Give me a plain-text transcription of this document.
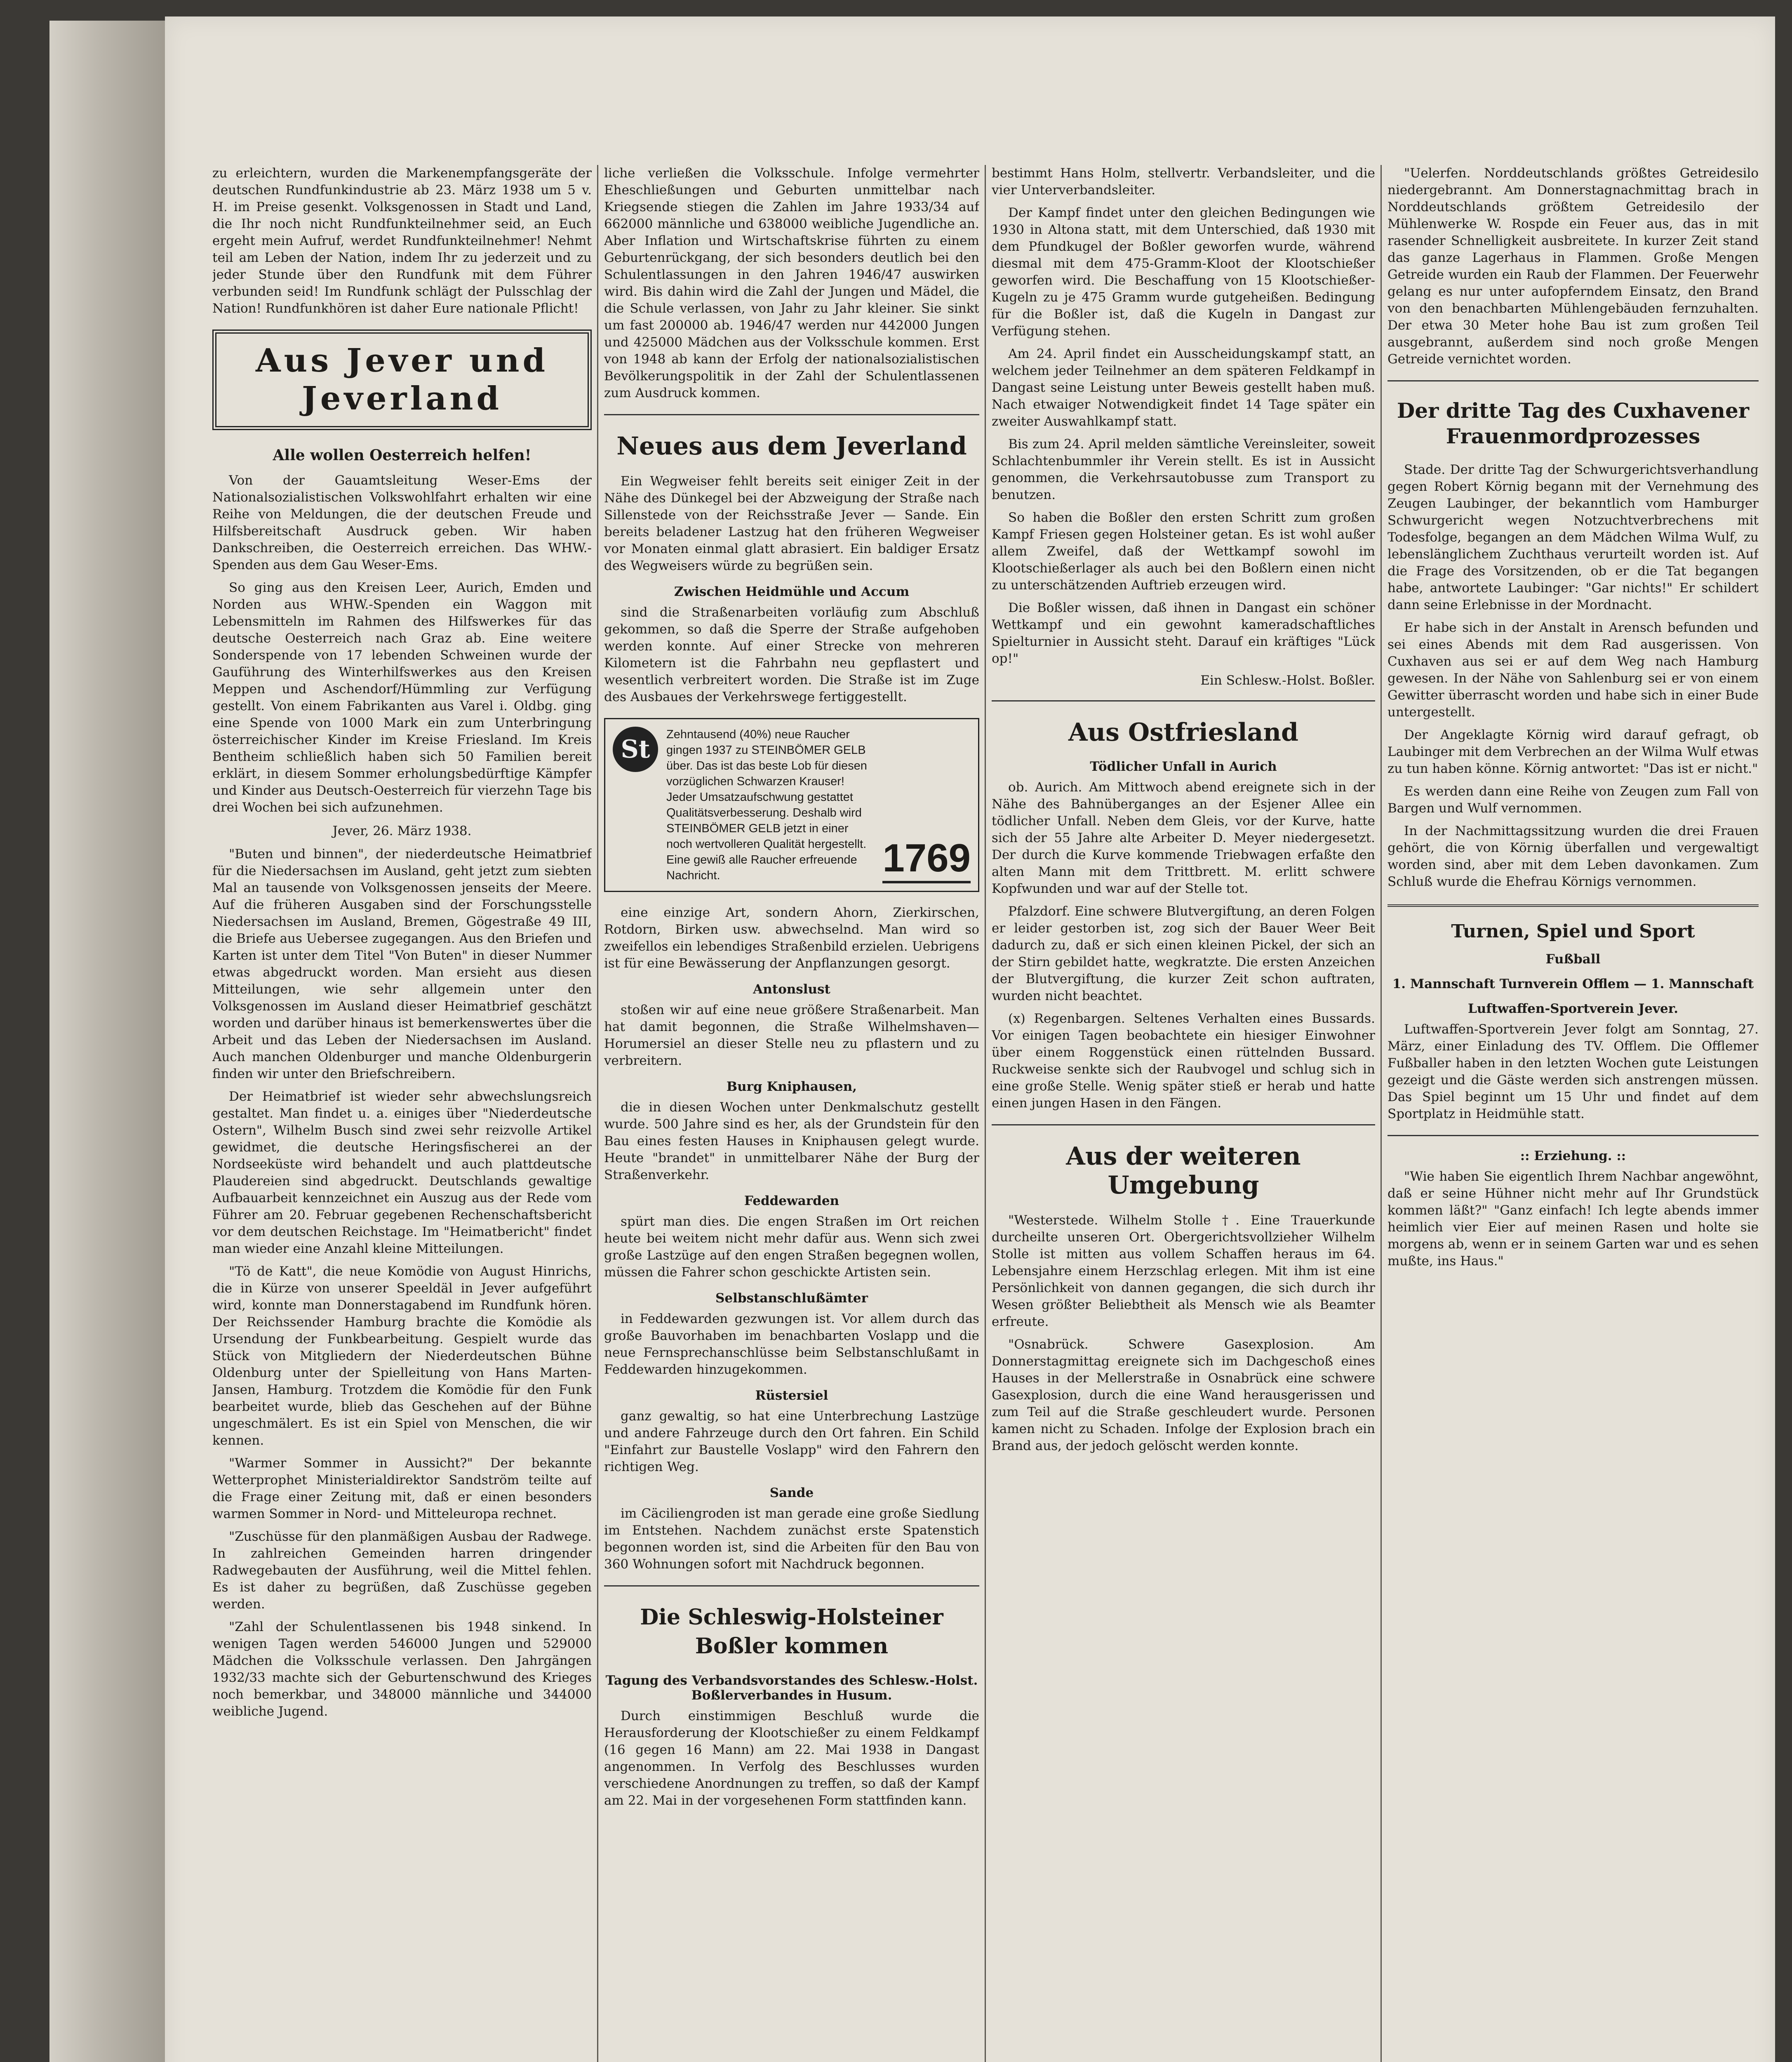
zu erleichtern, wurden die Markenempfangsgeräte der deutschen Rundfunkindustrie ab 23. März 1938 um 5 v. H. im Preise gesenkt. Volksgenossen in Stadt und Land, die Ihr noch nicht Rundfunkteilnehmer seid, an Euch ergeht mein Aufruf, werdet Rundfunkteilnehmer! Nehmt teil am Leben der Nation, indem Ihr zu jederzeit und zu jeder Stunde über den Rundfunk mit dem Führer verbunden seid! Im Rundfunk schlägt der Pulsschlag der Nation! Rundfunkhören ist daher Eure nationale Pflicht!

Aus Jever und Jeverland
Alle wollen Oesterreich helfen!

Von der Gauamtsleitung Weser-Ems der Nationalsozialistischen Volkswohlfahrt erhalten wir eine Reihe von Meldungen, die der deutschen Freude und Hilfsbereitschaft Ausdruck geben. Wir haben Dankschreiben, die Oesterreich erreichen. Das WHW.-Spenden aus dem Gau Weser-Ems.

So ging aus den Kreisen Leer, Aurich, Emden und Norden aus WHW.-Spenden ein Waggon mit Lebensmitteln im Rahmen des Hilfswerkes für das deutsche Oesterreich nach Graz ab. Eine weitere Sonderspende von 17 lebenden Schweinen wurde der Gauführung des Winterhilfswerkes aus den Kreisen Meppen und Aschendorf/Hümmling zur Verfügung gestellt. Von einem Fabrikanten aus Varel i. Oldbg. ging eine Spende von 1000 Mark ein zum Unterbringung österreichischer Kinder im Kreise Friesland. Im Kreis Bentheim schließlich haben sich 50 Familien bereit erklärt, in diesem Sommer erholungsbedürftige Kämpfer und Kinder aus Deutsch-Oesterreich für vierzehn Tage bis drei Wochen bei sich aufzunehmen.

Jever, 26. März 1938.

"Buten und binnen", der niederdeutsche Heimatbrief für die Niedersachsen im Ausland, geht jetzt zum siebten Mal an tausende von Volksgenossen jenseits der Meere. Auf die früheren Ausgaben sind der Forschungsstelle Niedersachsen im Ausland, Bremen, Gögestraße 49 III, die Briefe aus Uebersee zugegangen. Aus den Briefen und Karten ist unter dem Titel "Von Buten" in dieser Nummer etwas abgedruckt worden. Man ersieht aus diesen Mitteilungen, wie sehr allgemein unter den Volksgenossen im Ausland dieser Heimatbrief geschätzt worden und darüber hinaus ist bemerkenswertes über die Arbeit und das Leben der Niedersachsen im Ausland. Auch manchen Oldenburger und manche Oldenburgerin finden wir unter den Briefschreibern.

Der Heimatbrief ist wieder sehr abwechslungsreich gestaltet. Man findet u. a. einiges über "Niederdeutsche Ostern", Wilhelm Busch sind zwei sehr reizvolle Artikel gewidmet, die deutsche Heringsfischerei an der Nordseeküste wird behandelt und auch plattdeutsche Plaudereien sind abgedruckt. Deutschlands gewaltige Aufbauarbeit kennzeichnet ein Auszug aus der Rede vom Führer am 20. Februar gegebenen Rechenschaftsbericht vor dem deutschen Reichstage. Im "Heimatbericht" findet man wieder eine Anzahl kleine Mitteilungen.

"Tö de Katt", die neue Komödie von August Hinrichs, die in Kürze von unserer Speeldäl in Jever aufgeführt wird, konnte man Donnerstagabend im Rundfunk hören. Der Reichssender Hamburg brachte die Komödie als Ursendung der Funkbearbeitung. Gespielt wurde das Stück von Mitgliedern der Niederdeutschen Bühne Oldenburg unter der Spielleitung von Hans Marten-Jansen, Hamburg. Trotzdem die Komödie für den Funk bearbeitet wurde, blieb das Geschehen auf der Bühne ungeschmälert. Es ist ein Spiel von Menschen, die wir kennen.

"Warmer Sommer in Aussicht?" Der bekannte Wetterprophet Ministerialdirektor Sandström teilte auf die Frage einer Zeitung mit, daß er einen besonders warmen Sommer in Nord- und Mitteleuropa rechnet.

"Zuschüsse für den planmäßigen Ausbau der Radwege. In zahlreichen Gemeinden harren dringender Radwegebauten der Ausführung, weil die Mittel fehlen. Es ist daher zu begrüßen, daß Zuschüsse gegeben werden.

"Zahl der Schulentlassenen bis 1948 sinkend. In wenigen Tagen werden 546000 Jungen und 529000 Mädchen die Volksschule verlassen. Den Jahrgängen 1932/33 machte sich der Geburtenschwund des Krieges noch bemerkbar, und 348000 männliche und 344000 weibliche Jugend.

liche verließen die Volksschule. Infolge vermehrter Eheschließungen und Geburten unmittelbar nach Kriegsende stiegen die Zahlen im Jahre 1933/34 auf 662000 männliche und 638000 weibliche Jugendliche an. Aber Inflation und Wirtschaftskrise führten zu einem Geburtenrückgang, der sich besonders deutlich bei den Schulentlassungen in den Jahren 1946/47 auswirken wird. Bis dahin wird die Zahl der Jungen und Mädel, die die Schule verlassen, von Jahr zu Jahr kleiner. Sie sinkt um fast 200000 ab. 1946/47 werden nur 442000 Jungen und 425000 Mädchen aus der Volksschule kommen. Erst von 1948 ab kann der Erfolg der nationalsozialistischen Bevölkerungspolitik in der Zahl der Schulentlassenen zum Ausdruck kommen.

Neues aus dem Jeverland

Ein Wegweiser fehlt bereits seit einiger Zeit in der Nähe des Dünkegel bei der Abzweigung der Straße nach Sillenstede von der Reichsstraße Jever — Sande. Ein bereits beladener Lastzug hat den früheren Wegweiser vor Monaten einmal glatt abrasiert. Ein baldiger Ersatz des Wegweisers würde zu begrüßen sein.

Zwischen Heidmühle und Accum

sind die Straßenarbeiten vorläufig zum Abschluß gekommen, so daß die Sperre der Straße aufgehoben werden konnte. Auf einer Strecke von mehreren Kilometern ist die Fahrbahn neu gepflastert und wesentlich verbreitert worden. Die Straße ist im Zuge des Ausbaues der Verkehrswege fertiggestellt.

St
Zehntausend (40%) neue Raucher gingen 1937 zu STEINBÖMER GELB über. Das ist das beste Lob für diesen vorzüglichen Schwarzen Krauser! Jeder Umsatzaufschwung gestattet Qualitätsverbesserung. Deshalb wird STEINBÖMER GELB jetzt in einer noch wertvolleren Qualität hergestellt. Eine gewiß alle Raucher erfreuende Nachricht.	1769

eine einzige Art, sondern Ahorn, Zierkirschen, Rotdorn, Birken usw. abwechselnd. Man wird so zweifellos ein lebendiges Straßenbild erzielen. Uebrigens ist für eine Bewässerung der Anpflanzungen gesorgt.

Antonslust

stoßen wir auf eine neue größere Straßenarbeit. Man hat damit begonnen, die Straße Wilhelmshaven—Horumersiel an dieser Stelle neu zu pflastern und zu verbreitern.

Burg Kniphausen,

die in diesen Wochen unter Denkmalschutz gestellt wurde. 500 Jahre sind es her, als der Grundstein für den Bau eines festen Hauses in Kniphausen gelegt wurde. Heute "brandet" in unmittelbarer Nähe der Burg der Straßenverkehr.

Feddewarden

spürt man dies. Die engen Straßen im Ort reichen heute bei weitem nicht mehr dafür aus. Wenn sich zwei große Lastzüge auf den engen Straßen begegnen wollen, müssen die Fahrer schon geschickte Artisten sein.

Selbstanschlußämter

in Feddewarden gezwungen ist. Vor allem durch das große Bauvorhaben im benachbarten Voslapp und die neue Fernsprechanschlüsse beim Selbstanschlußamt in Feddewarden hinzugekommen.

Rüstersiel

ganz gewaltig, so hat eine Unterbrechung Lastzüge und andere Fahrzeuge durch den Ort fahren. Ein Schild "Einfahrt zur Baustelle Voslapp" wird den Fahrern den richtigen Weg.

Sande

im Cäciliengroden ist man gerade eine große Siedlung im Entstehen. Nachdem zunächst erste Spatenstich begonnen worden ist, sind die Arbeiten für den Bau von 360 Wohnungen sofort mit Nachdruck begonnen.

Die Schleswig-Holsteiner Boßler kommen
Tagung des Verbandsvorstandes des Schlesw.-Holst. Boßlerverbandes in Husum.

Durch einstimmigen Beschluß wurde die Herausforderung der Klootschießer zu einem Feldkampf (16 gegen 16 Mann) am 22. Mai 1938 in Dangast angenommen. In Verfolg des Beschlusses wurden verschiedene Anordnungen zu treffen, so daß der Kampf am 22. Mai in der vorgesehenen Form stattfinden kann.

bestimmt Hans Holm, stellvertr. Verbandsleiter, und die vier Unterverbandsleiter.

Der Kampf findet unter den gleichen Bedingungen wie 1930 in Altona statt, mit dem Unterschied, daß 1930 mit dem Pfundkugel der Boßler geworfen wurde, während diesmal mit dem 475-Gramm-Kloot der Klootschießer geworfen wird. Die Beschaffung von 15 Klootschießer-Kugeln zu je 475 Gramm wurde gutgeheißen. Bedingung für die Boßler ist, daß die Kugeln in Dangast zur Verfügung stehen.

Am 24. April findet ein Ausscheidungskampf statt, an welchem jeder Teilnehmer an dem späteren Feldkampf in Dangast seine Leistung unter Beweis gestellt haben muß. Nach etwaiger Notwendigkeit findet 14 Tage später ein zweiter Auswahlkampf statt.

Bis zum 24. April melden sämtliche Vereinsleiter, soweit Schlachtenbummler ihr Verein stellt. Es ist in Aussicht genommen, die Verkehrsautobusse zum Transport zu benutzen.

So haben die Boßler den ersten Schritt zum großen Kampf Friesen gegen Holsteiner getan. Es ist wohl außer allem Zweifel, daß der Wettkampf sowohl im Klootschießerlager als auch bei den Boßlern einen nicht zu unterschätzenden Auftrieb erzeugen wird.

Die Boßler wissen, daß ihnen in Dangast ein schöner Wettkampf und ein gewohnt kameradschaftliches Spielturnier in Aussicht steht. Darauf ein kräftiges "Lück op!"

Ein Schlesw.-Holst. Boßler.
Aus Ostfriesland
Tödlicher Unfall in Aurich

ob. Aurich. Am Mittwoch abend ereignete sich in der Nähe des Bahnüberganges an der Esjener Allee ein tödlicher Unfall. Neben dem Gleis, vor der Kurve, hatte sich der 55 Jahre alte Arbeiter D. Meyer niedergesetzt. Der durch die Kurve kommende Triebwagen erfaßte den alten Mann mit dem Trittbrett. M. erlitt schwere Kopfwunden und war auf der Stelle tot.

Pfalzdorf. Eine schwere Blutvergiftung, an deren Folgen er leider gestorben ist, zog sich der Bauer Weer Beit dadurch zu, daß er sich einen kleinen Pickel, der sich an der Stirn gebildet hatte, wegkratzte. Die ersten Anzeichen der Blutvergiftung, die kurzer Zeit schon auftraten, wurden nicht beachtet.

(x) Regenbargen. Seltenes Verhalten eines Bussards. Vor einigen Tagen beobachtete ein hiesiger Einwohner über einem Roggenstück einen rüttelnden Bussard. Ruckweise senkte sich der Raubvogel und schlug sich in eine große Stelle. Wenig später stieß er herab und hatte einen jungen Hasen in den Fängen.

Aus der weiteren Umgebung

"Westerstede. Wilhelm Stolle †. Eine Trauerkunde durcheilte unseren Ort. Obergerichtsvollzieher Wilhelm Stolle ist mitten aus vollem Schaffen heraus im 64. Lebensjahre einem Herzschlag erlegen. Mit ihm ist eine Persönlichkeit von dannen gegangen, die sich durch ihr Wesen größter Beliebtheit als Mensch wie als Beamter erfreute.

"Osnabrück. Schwere Gasexplosion. Am Donnerstagmittag ereignete sich im Dachgeschoß eines Hauses in der Mellerstraße in Osnabrück eine schwere Gasexplosion, durch die eine Wand herausgerissen und zum Teil auf die Straße geschleudert wurde. Personen kamen nicht zu Schaden. Infolge der Explosion brach ein Brand aus, der jedoch gelöscht werden konnte.

"Uelerfen. Norddeutschlands größtes Getreidesilo niedergebrannt. Am Donnerstagnachmittag brach in Norddeutschlands größtem Getreidesilo der Mühlenwerke W. Rospde ein Feuer aus, das in mit rasender Schnelligkeit ausbreitete. In kurzer Zeit stand das ganze Lagerhaus in Flammen. Große Mengen Getreide wurden ein Raub der Flammen. Der Feuerwehr gelang es nur unter aufopferndem Einsatz, den Brand von den benachbarten Mühlengebäuden fernzuhalten. Der etwa 30 Meter hohe Bau ist zum großen Teil ausgebrannt, außerdem sind noch große Mengen Getreide vernichtet worden.

Der dritte Tag des Cuxhavener Frauenmordprozesses

Stade. Der dritte Tag der Schwurgerichtsverhandlung gegen Robert Körnig begann mit der Vernehmung des Zeugen Laubinger, der bekanntlich vom Hamburger Schwurgericht wegen Notzuchtverbrechens mit Todesfolge, begangen an dem Mädchen Wilma Wulf, zu lebenslänglichem Zuchthaus verurteilt worden ist. Auf die Frage des Vorsitzenden, ob er die Tat begangen habe, antwortete Laubinger: "Gar nichts!" Er schildert dann seine Erlebnisse in der Mordnacht.

Er habe sich in der Anstalt in Arensch befunden und sei eines Abends mit dem Rad ausgerissen. Von Cuxhaven aus sei er auf dem Weg nach Hamburg gewesen. In der Nähe von Sahlenburg sei er von einem Gewitter überrascht worden und habe sich in einer Bude untergestellt.

Der Angeklagte Körnig wird darauf gefragt, ob Laubinger mit dem Verbrechen an der Wilma Wulf etwas zu tun haben könne. Körnig antwortet: "Das ist er nicht."

Es werden dann eine Reihe von Zeugen zum Fall von Bargen und Wulf vernommen.

In der Nachmittagssitzung wurden die drei Frauen gehört, die von Körnig überfallen und vergewaltigt worden sind, aber mit dem Leben davonkamen. Zum Schluß wurde die Ehefrau Körnigs vernommen.

Turnen, Spiel und Sport
Fußball
1. Mannschaft Turnverein Offlem — 1. Mannschaft
Luftwaffen-Sportverein Jever.

Luftwaffen-Sportverein Jever folgt am Sonntag, 27. März, einer Einladung des TV. Offlem. Die Offlemer Fußballer haben in den letzten Wochen gute Leistungen gezeigt und die Gäste werden sich anstrengen müssen. Das Spiel beginnt um 15 Uhr und findet auf dem Sportplatz in Heidmühle statt.

:: Erziehung. ::

"Wie haben Sie eigentlich Ihrem Nachbar angewöhnt, daß er seine Hühner nicht mehr auf Ihr Grundstück kommen läßt?" "Ganz einfach! Ich legte abends immer heimlich vier Eier auf meinen Rasen und holte sie morgens ab, wenn er in seinem Garten war und es sehen mußte, ins Haus."
